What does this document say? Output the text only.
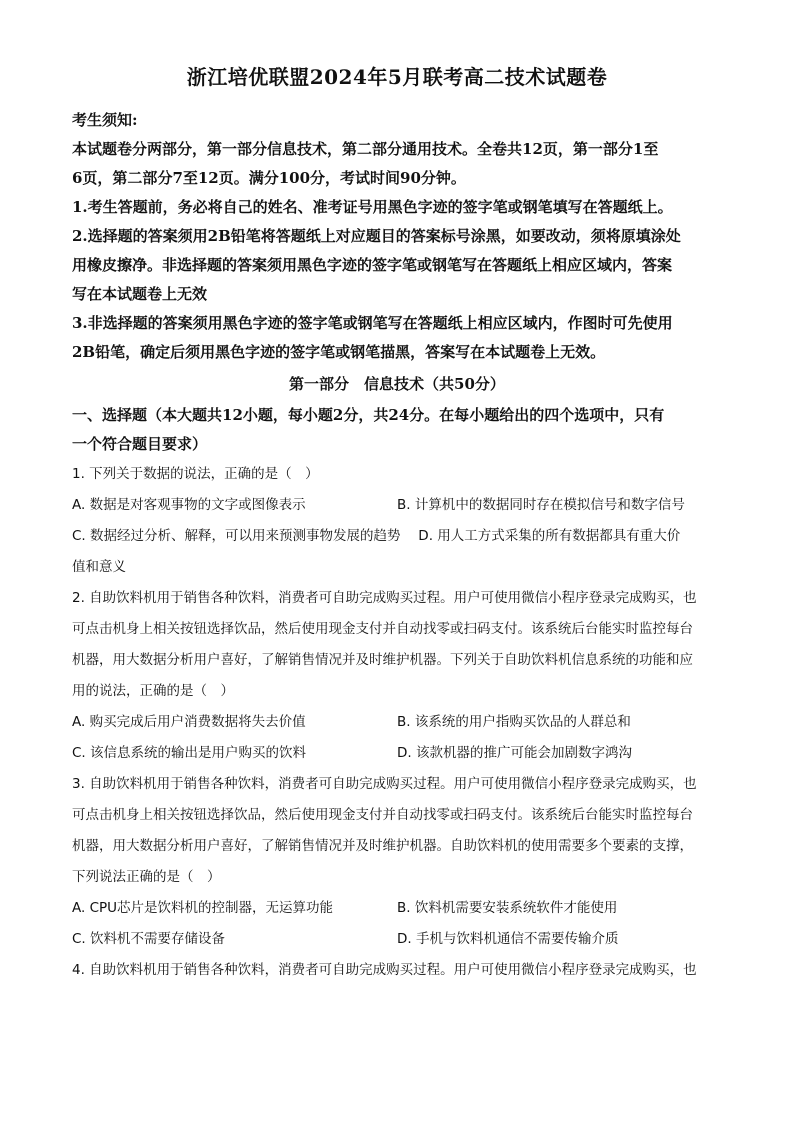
浙江培优联盟2024年5月联考高二技术试题卷

考生须知:

本试题卷分两部分，第一部分信息技术，第二部分通用技术。全卷共12页，第一部分1至

6页，第二部分7至12页。满分100分，考试时间90分钟。

1.考生答题前，务必将自己的姓名、准考证号用黑色字迹的签字笔或钢笔填写在答题纸上。

2.选择题的答案须用2B铅笔将答题纸上对应题目的答案标号涂黑，如要改动，须将原填涂处

用橡皮擦净。非选择题的答案须用黑色字迹的签字笔或钢笔写在答题纸上相应区域内，答案

写在本试题卷上无效

3.非选择题的答案须用黑色字迹的签字笔或钢笔写在答题纸上相应区域内，作图时可先使用

2B铅笔，确定后须用黑色字迹的签字笔或钢笔描黑，答案写在本试题卷上无效。

第一部分　信息技术（共50分）

一、选择题（本大题共12小题，每小题2分，共24分。在每小题给出的四个选项中，只有

一个符合题目要求）

1. 下列关于数据的说法，正确的是（　）

A. 数据是对客观事物的文字或图像表示	B. 计算机中的数据同时存在模拟信号和数字信号

C. 数据经过分析、解释，可以用来预测事物发展的趋势　 D. 用人工方式采集的所有数据都具有重大价

值和意义

2. 自助饮料机用于销售各种饮料，消费者可自助完成购买过程。用户可使用微信小程序登录完成购买，也

可点击机身上相关按钮选择饮品，然后使用现金支付并自动找零或扫码支付。该系统后台能实时监控每台

机器，用大数据分析用户喜好，了解销售情况并及时维护机器。下列关于自助饮料机信息系统的功能和应

用的说法，正确的是（　）

A. 购买完成后用户消费数据将失去价值	B. 该系统的用户指购买饮品的人群总和
C. 该信息系统的输出是用户购买的饮料	D. 该款机器的推广可能会加剧数字鸿沟

3. 自助饮料机用于销售各种饮料，消费者可自助完成购买过程。用户可使用微信小程序登录完成购买，也

可点击机身上相关按钮选择饮品，然后使用现金支付并自动找零或扫码支付。该系统后台能实时监控每台

机器，用大数据分析用户喜好，了解销售情况并及时维护机器。自助饮料机的使用需要多个要素的支撑，

下列说法正确的是（　）

A. CPU芯片是饮料机的控制器，无运算功能	B. 饮料机需要安装系统软件才能使用
C. 饮料机不需要存储设备	D. 手机与饮料机通信不需要传输介质

4. 自助饮料机用于销售各种饮料，消费者可自助完成购买过程。用户可使用微信小程序登录完成购买，也
